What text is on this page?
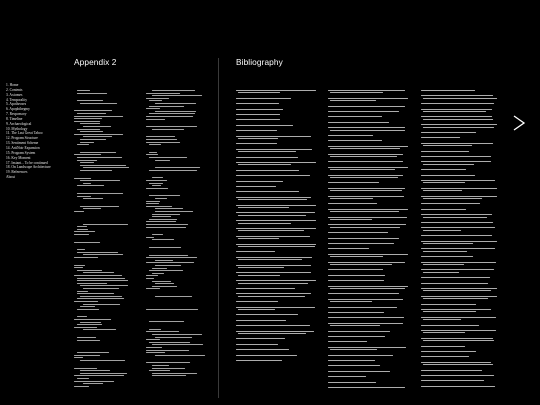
1. Home
2. Contents
3. Axiomes
4. Temporality
5. Apotheoses
6. Apophthegmy
7. Responsory
8. Timeline
9. Archaeological
10. Mythology
11. The Last Great Taboo
12. Program Structure
13. Sentiment Scheme
14. ArtiNoir Expansion
15. Program System
16. Key Moment
17. Instant... To be continued
18. On Landscape Architecture
19. References
About
Appendix 2	Bibliography
